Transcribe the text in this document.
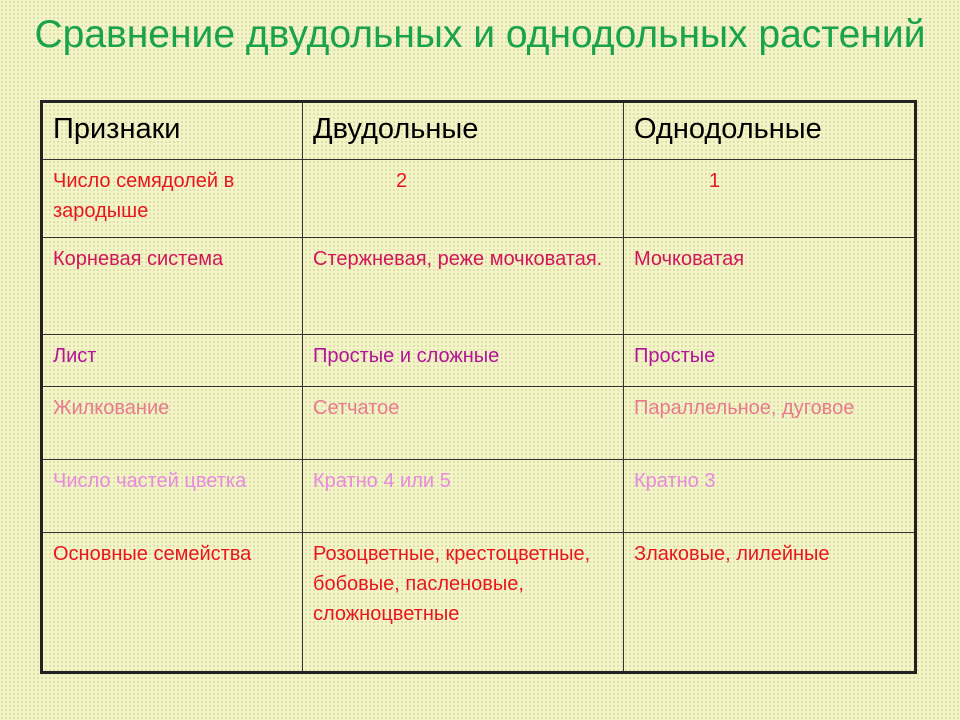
Сравнение двудольных и однодольных растений
Признаки	Двудольные	Однодольные
Число семядолей в зародыше	2	1
Корневая система	Стержневая, реже мочковатая.	Мочковатая
Лист	Простые и сложные	Простые
Жилкование	Сетчатое	Параллельное, дуговое
Число частей цветка	Кратно 4 или 5	Кратно 3
Основные семейства	Розоцветные, крестоцветные, бобовые, пасленовые, сложноцветные	Злаковые, лилейные
